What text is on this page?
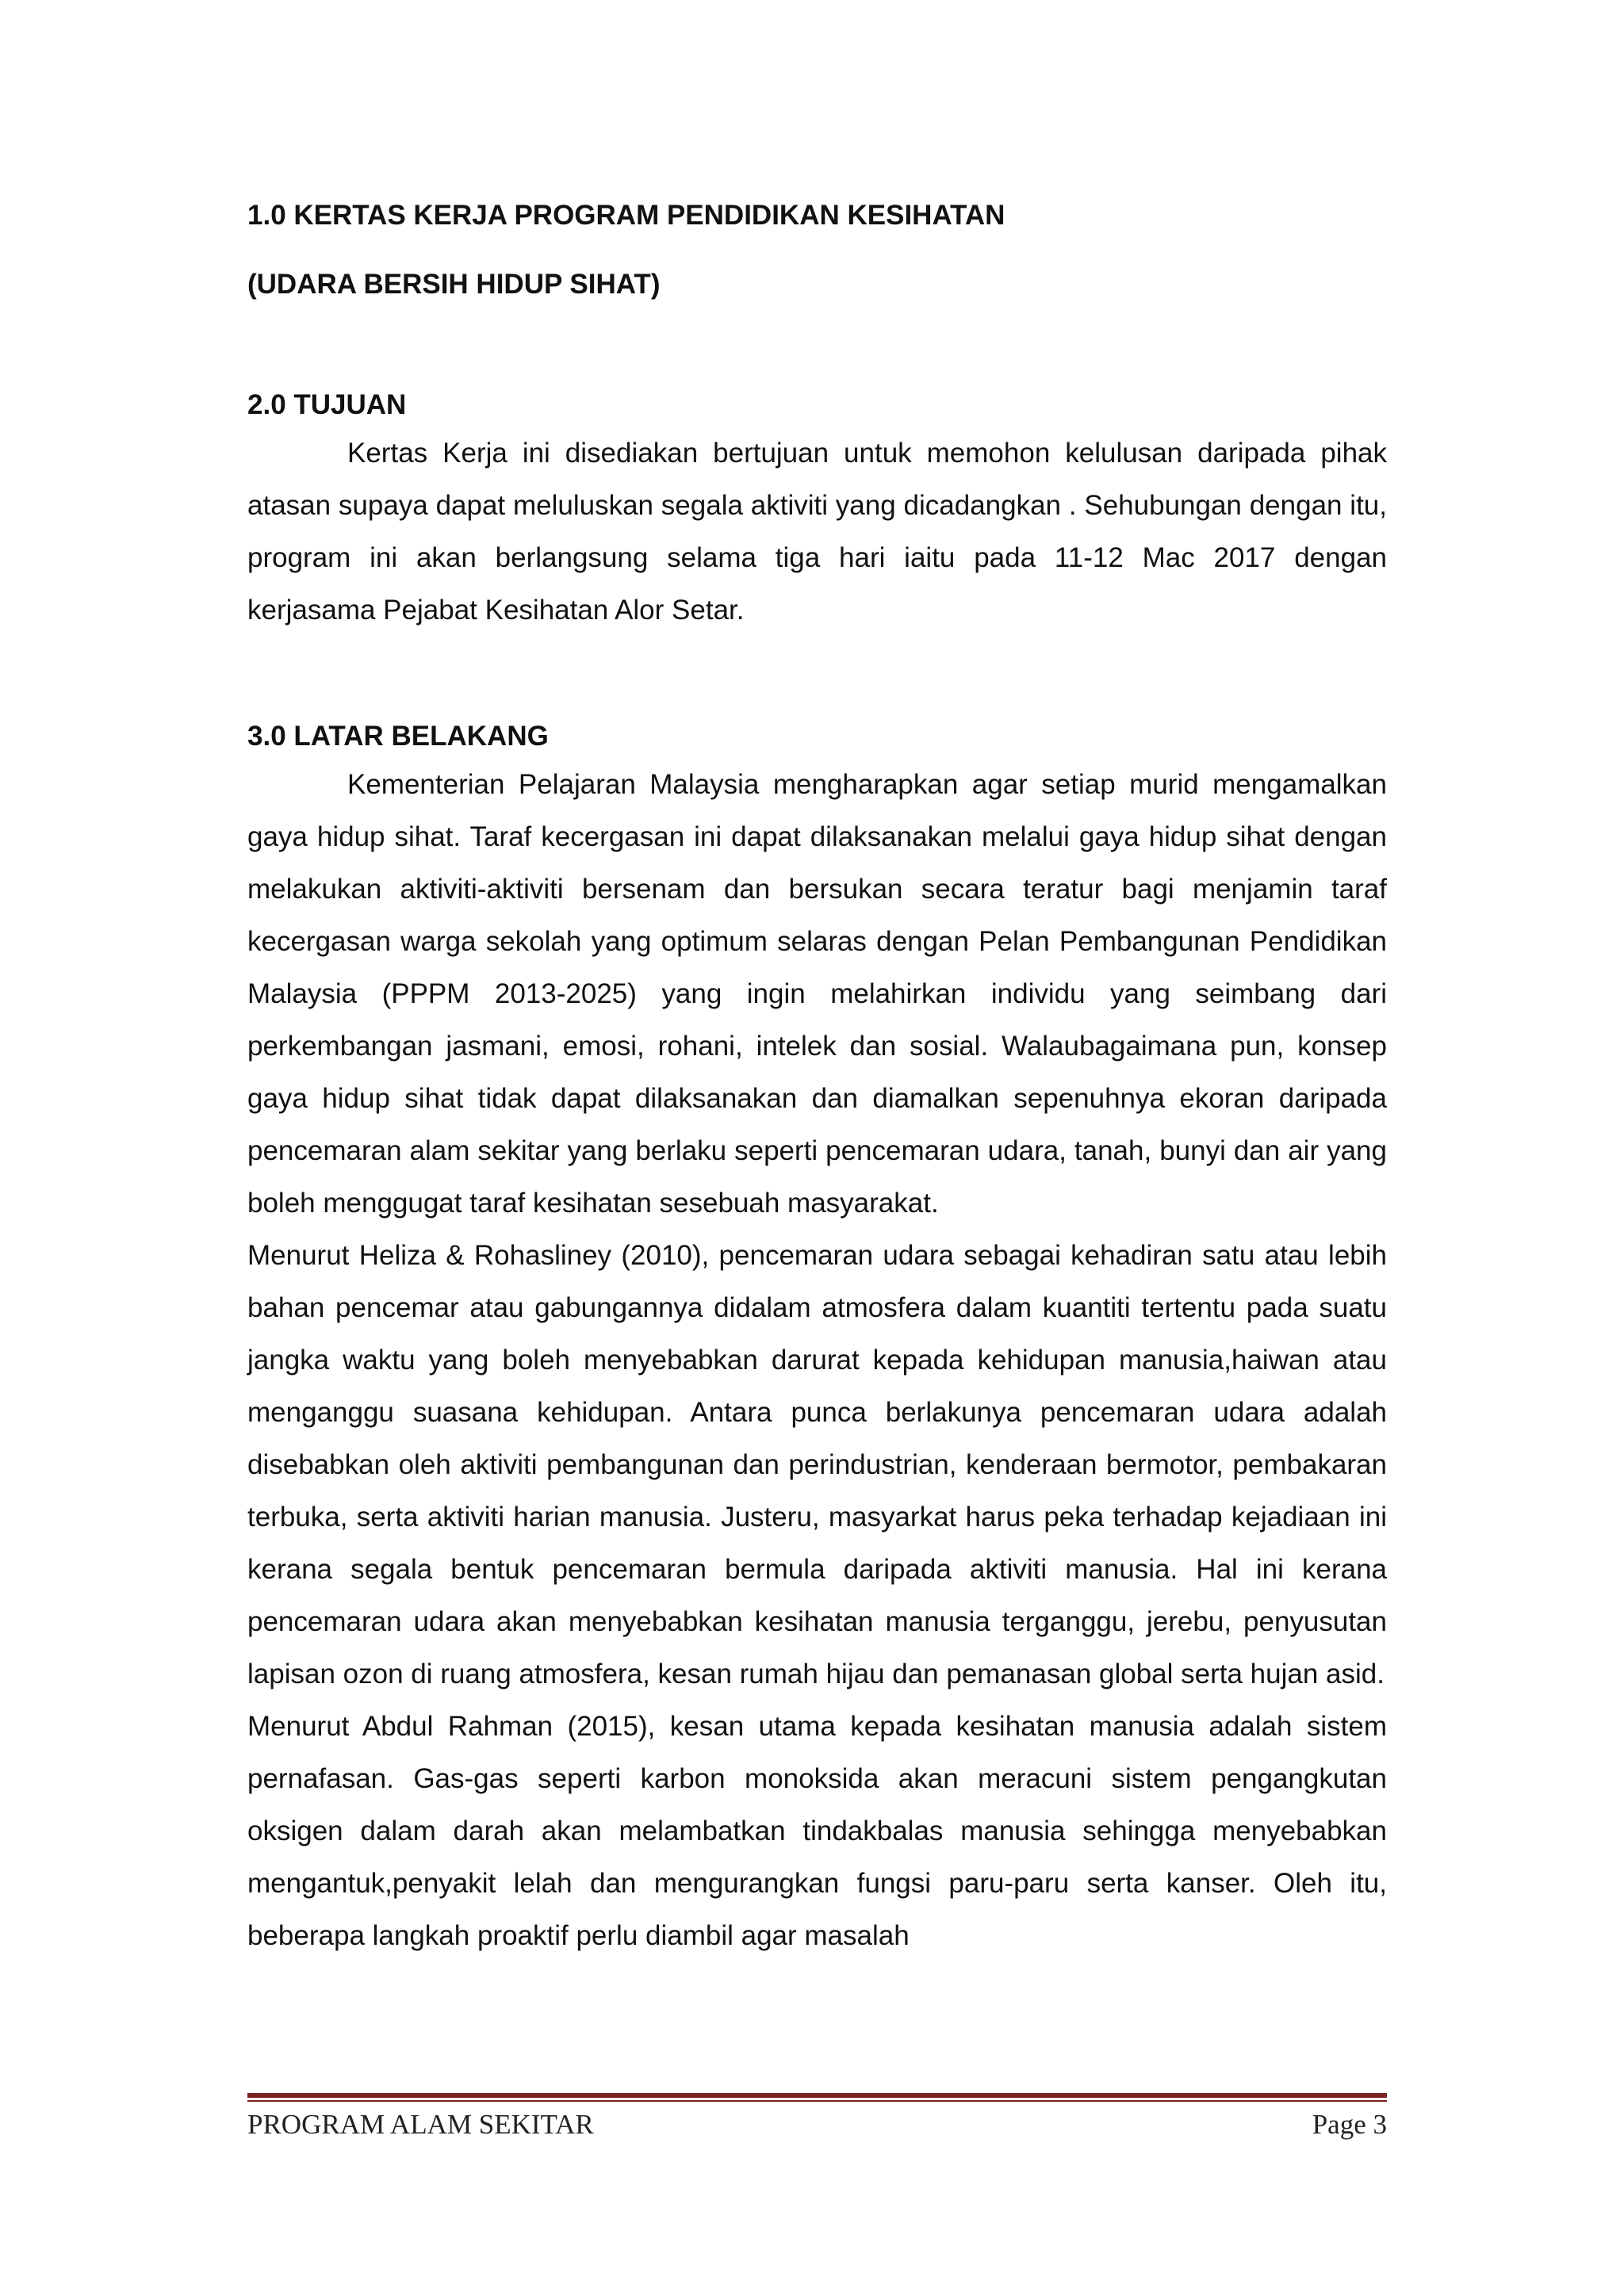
1.0 KERTAS KERJA PROGRAM PENDIDIKAN KESIHATAN

(UDARA BERSIH HIDUP SIHAT)

2.0 TUJUAN

Kertas Kerja ini disediakan bertujuan untuk memohon kelulusan daripada pihak atasan supaya dapat meluluskan segala aktiviti yang dicadangkan . Sehubungan dengan itu, program ini akan berlangsung selama tiga hari iaitu pada 11-12 Mac 2017 dengan kerjasama Pejabat Kesihatan Alor Setar.

3.0 LATAR BELAKANG

Kementerian Pelajaran Malaysia mengharapkan agar setiap murid mengamalkan gaya hidup sihat. Taraf kecergasan ini dapat dilaksanakan melalui gaya hidup sihat dengan melakukan aktiviti-aktiviti bersenam dan bersukan secara teratur bagi menjamin taraf kecergasan warga sekolah yang optimum selaras dengan Pelan Pembangunan Pendidikan Malaysia (PPPM 2013-2025) yang ingin melahirkan individu yang seimbang dari perkembangan jasmani, emosi, rohani, intelek dan sosial. Walaubagaimana pun, konsep gaya hidup sihat tidak dapat dilaksanakan dan diamalkan sepenuhnya ekoran daripada pencemaran alam sekitar yang berlaku seperti pencemaran udara, tanah, bunyi dan air yang boleh menggugat taraf kesihatan sesebuah masyarakat.

Menurut Heliza & Rohasliney (2010), pencemaran udara sebagai kehadiran satu atau lebih bahan pencemar atau gabungannya didalam atmosfera dalam kuantiti tertentu pada suatu jangka waktu yang boleh menyebabkan darurat kepada kehidupan manusia,haiwan atau menganggu suasana kehidupan. Antara punca berlakunya pencemaran udara adalah disebabkan oleh aktiviti pembangunan dan perindustrian, kenderaan bermotor, pembakaran terbuka, serta aktiviti harian manusia. Justeru, masyarkat harus peka terhadap kejadiaan ini kerana segala bentuk pencemaran bermula daripada aktiviti manusia. Hal ini kerana pencemaran udara akan menyebabkan kesihatan manusia terganggu, jerebu, penyusutan lapisan ozon di ruang atmosfera, kesan rumah hijau dan pemanasan global serta hujan asid.

Menurut Abdul Rahman (2015), kesan utama kepada kesihatan manusia adalah sistem pernafasan. Gas-gas seperti karbon monoksida akan meracuni sistem pengangkutan oksigen dalam darah akan melambatkan tindakbalas manusia sehingga menyebabkan mengantuk,penyakit lelah dan mengurangkan fungsi paru-paru serta kanser. Oleh itu, beberapa langkah proaktif perlu diambil agar masalah

PROGRAM ALAM SEKITAR	Page 3
